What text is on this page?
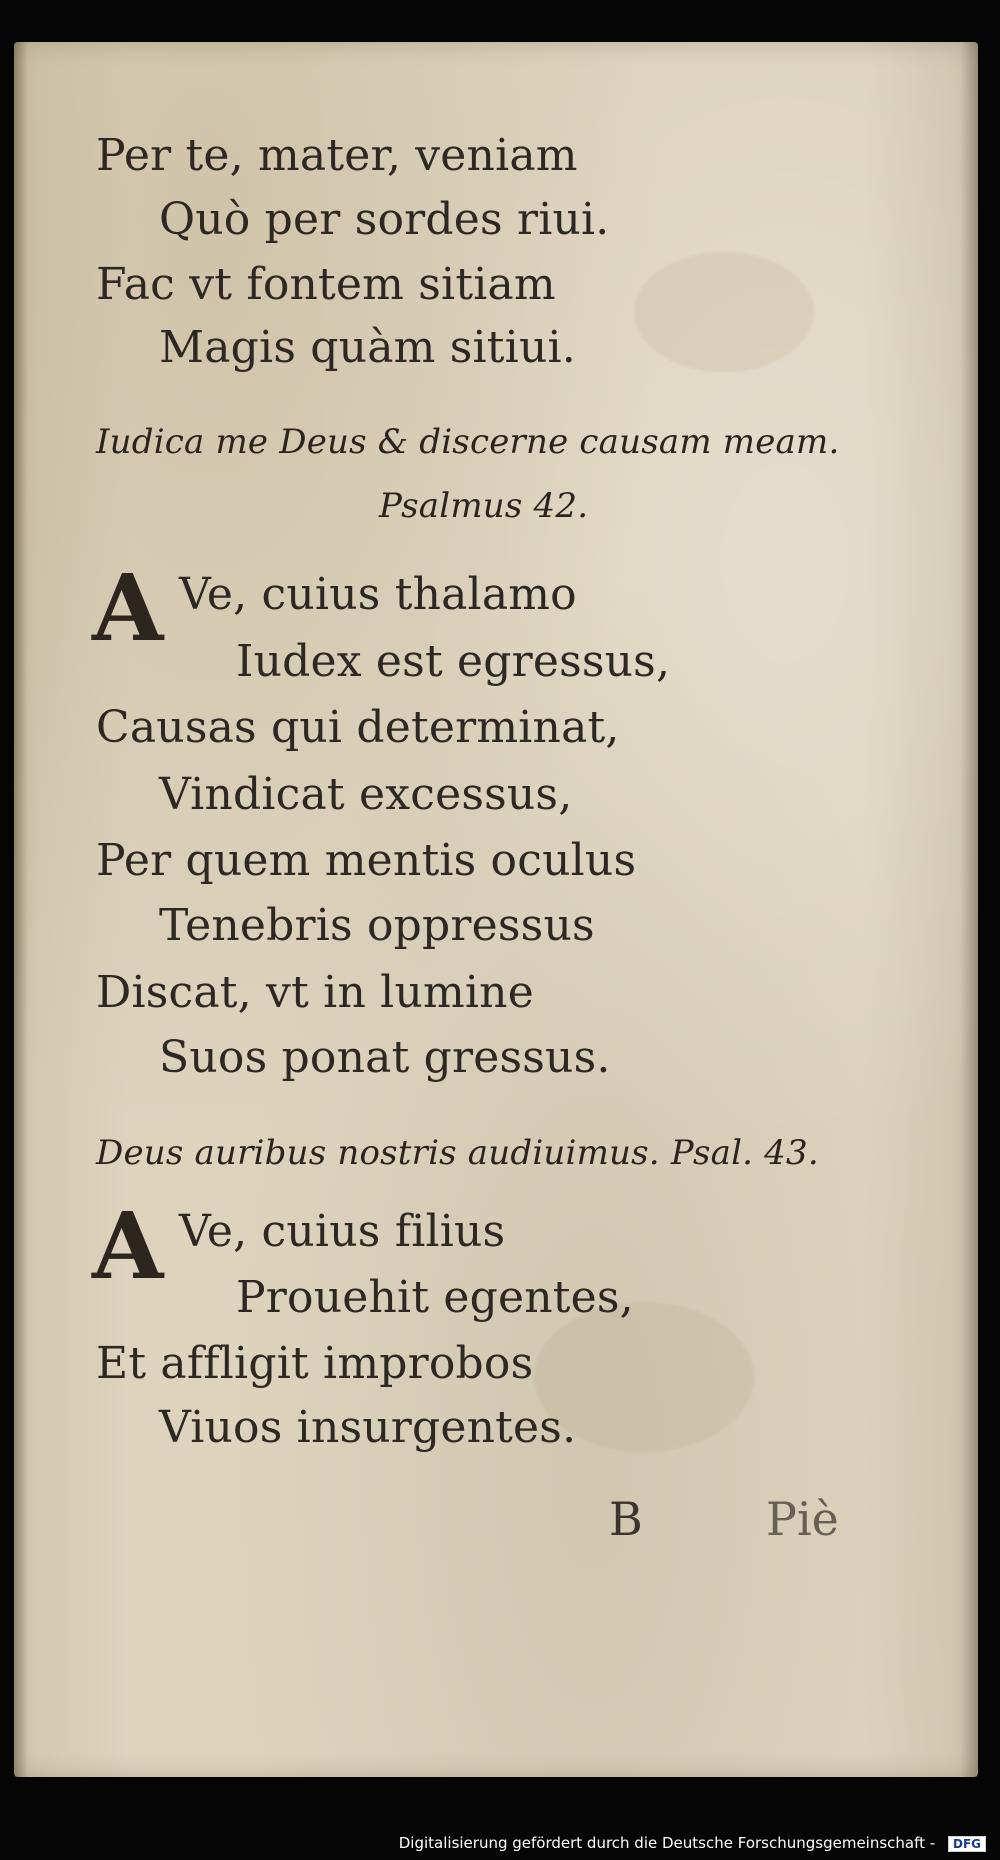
Per te, mater, veniam

Quò per sordes riui.

Fac vt fontem sitiam

Magis quàm sitiui.

Iudica me Deus & discerne causam meam.

Psalmus 42.

A Ve, cuius thalamo

Iudex est egressus,

Causas qui determinat,

Vindicat excessus,

Per quem mentis oculus

Tenebris oppressus

Discat, vt in lumine

Suos ponat gressus.

Deus auribus nostris audiuimus. Psal. 43.

A Ve, cuius filius

Prouehit egentes,

Et affligit improbos

Viuos insurgentes.

B	Piè
Digitalisierung gefördert durch die Deutsche Forschungsgemeinschaft - DFG
